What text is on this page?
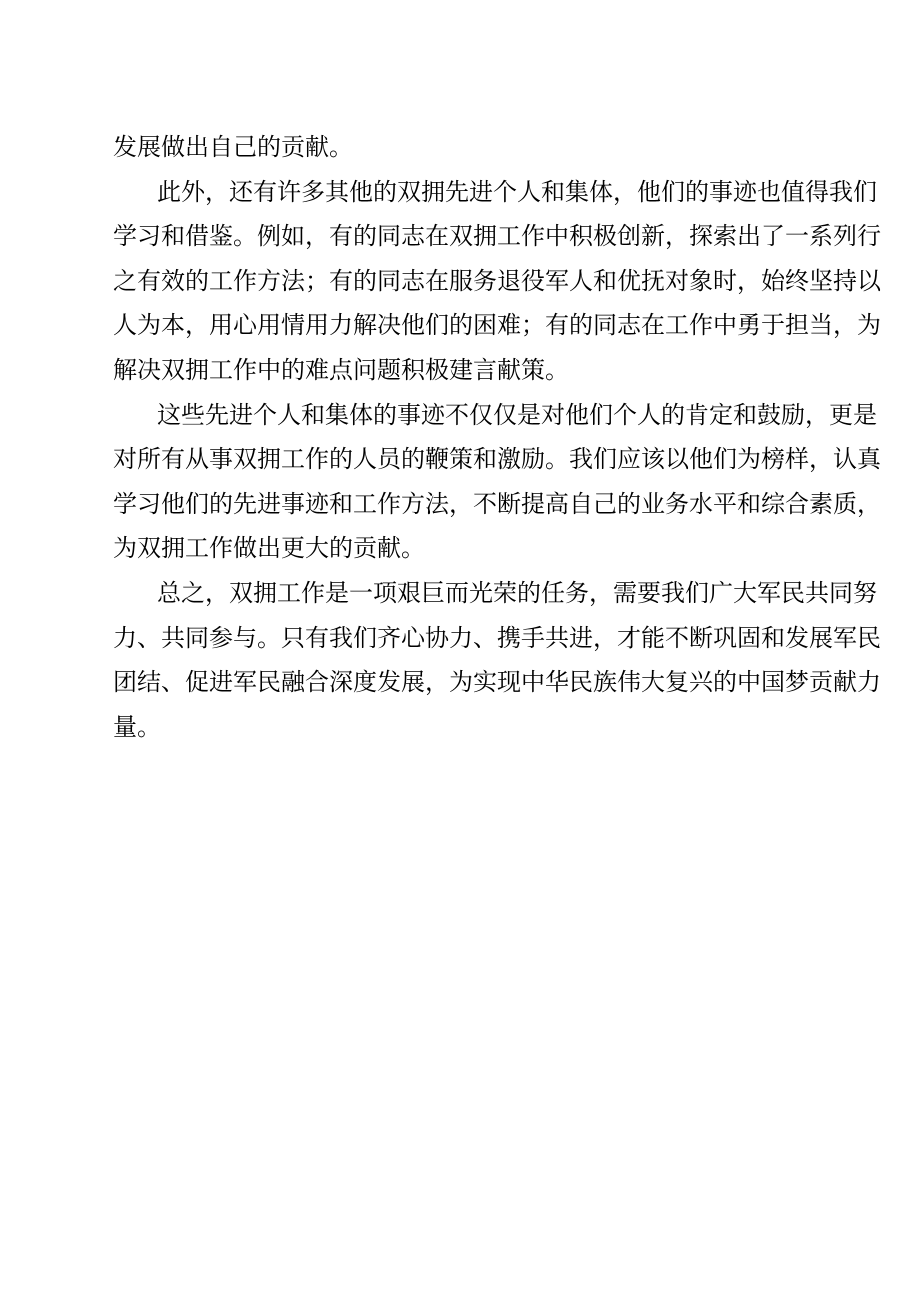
发展做出自己的贡献。
此外，还有许多其他的双拥先进个人和集体，他们的事迹也值得我们
学习和借鉴。例如，有的同志在双拥工作中积极创新，探索出了一系列行
之有效的工作方法；有的同志在服务退役军人和优抚对象时，始终坚持以
人为本，用心用情用力解决他们的困难；有的同志在工作中勇于担当，为
解决双拥工作中的难点问题积极建言献策。
这些先进个人和集体的事迹不仅仅是对他们个人的肯定和鼓励，更是
对所有从事双拥工作的人员的鞭策和激励。我们应该以他们为榜样，认真
学习他们的先进事迹和工作方法，不断提高自己的业务水平和综合素质，
为双拥工作做出更大的贡献。
总之，双拥工作是一项艰巨而光荣的任务，需要我们广大军民共同努
力、共同参与。只有我们齐心协力、携手共进，才能不断巩固和发展军民
团结、促进军民融合深度发展，为实现中华民族伟大复兴的中国梦贡献力
量。
